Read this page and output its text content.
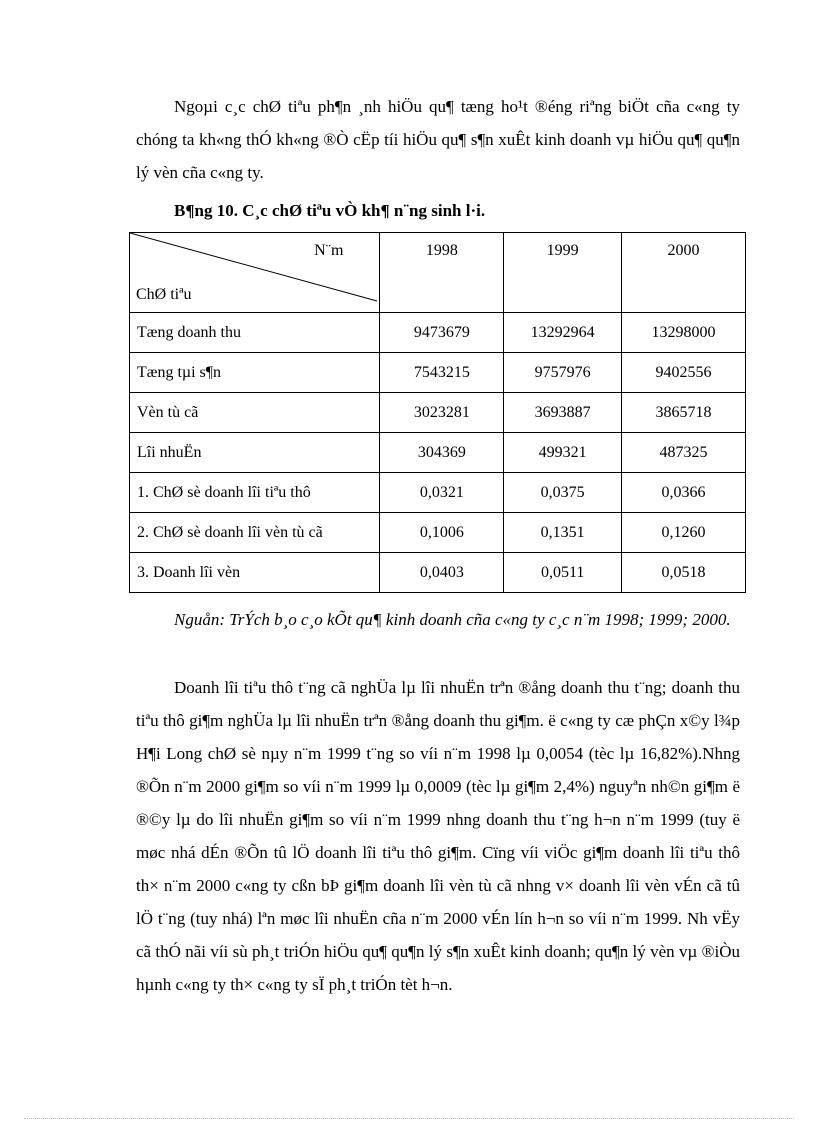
Ngoµi c¸c chØ tiªu ph¶n ¸nh hiÖu qu¶ tæng ho¹t ®éng riªng biÖt cña c«ng ty chóng ta kh«ng thÓ kh«ng ®Ò cËp tíi hiÖu qu¶ s¶n xuÊt kinh doanh vµ hiÖu qu¶ qu¶n lý vèn cña c«ng ty.

B¶ng 10. C¸c chØ tiªu vÒ kh¶ n¨ng sinh l·i.
N¨m
ChØ tiªu	1998	1999	2000
Tæng doanh thu	9473679	13292964	13298000
Tæng tµi s¶n	7543215	9757976	9402556
Vèn tù cã	3023281	3693887	3865718
Lîi nhuËn	304369	499321	487325
1. ChØ sè doanh lîi tiªu thô	0,0321	0,0375	0,0366
2. ChØ sè doanh lîi vèn tù cã	0,1006	0,1351	0,1260
3. Doanh lîi vèn	0,0403	0,0511	0,0518

Nguån: TrÝch b¸o c¸o kÕt qu¶ kinh doanh cña c«ng ty c¸c n¨m 1998; 1999; 2000.

Doanh lîi tiªu thô t¨ng cã nghÜa lµ lîi nhuËn trªn ®ång doanh thu t¨ng; doanh thu tiªu thô gi¶m nghÜa lµ lîi nhuËn trªn ®ång doanh thu gi¶m. ë c«ng ty cæ phÇn x©y l¾p H¶i Long chØ sè nµy n¨m 1999 t¨ng so víi n¨m 1998 lµ 0,0054 (tèc lµ 16,82%).Nhng ®Õn n¨m 2000 gi¶m so víi n¨m 1999 lµ 0,0009 (tèc lµ gi¶m 2,4%) nguyªn nh©n gi¶m ë ®©y lµ do lîi nhuËn gi¶m so víi n¨m 1999 nhng doanh thu t¨ng h¬n n¨m 1999 (tuy ë møc nhá dÉn ®Õn tû lÖ doanh lîi tiªu thô gi¶m. Cïng víi viÖc gi¶m doanh lîi tiªu thô th× n¨m 2000 c«ng ty cßn bÞ gi¶m doanh lîi vèn tù cã nhng v× doanh lîi vèn vÉn cã tû lÖ t¨ng (tuy nhá) lªn møc lîi nhuËn cña n¨m 2000 vÉn lín h¬n so víi n¨m 1999. Nh vËy cã thÓ nãi víi sù ph¸t triÓn hiÖu qu¶ qu¶n lý s¶n xuÊt kinh doanh; qu¶n lý vèn vµ ®iÒu hµnh c«ng ty th× c«ng ty sÏ ph¸t triÓn tèt h¬n.
